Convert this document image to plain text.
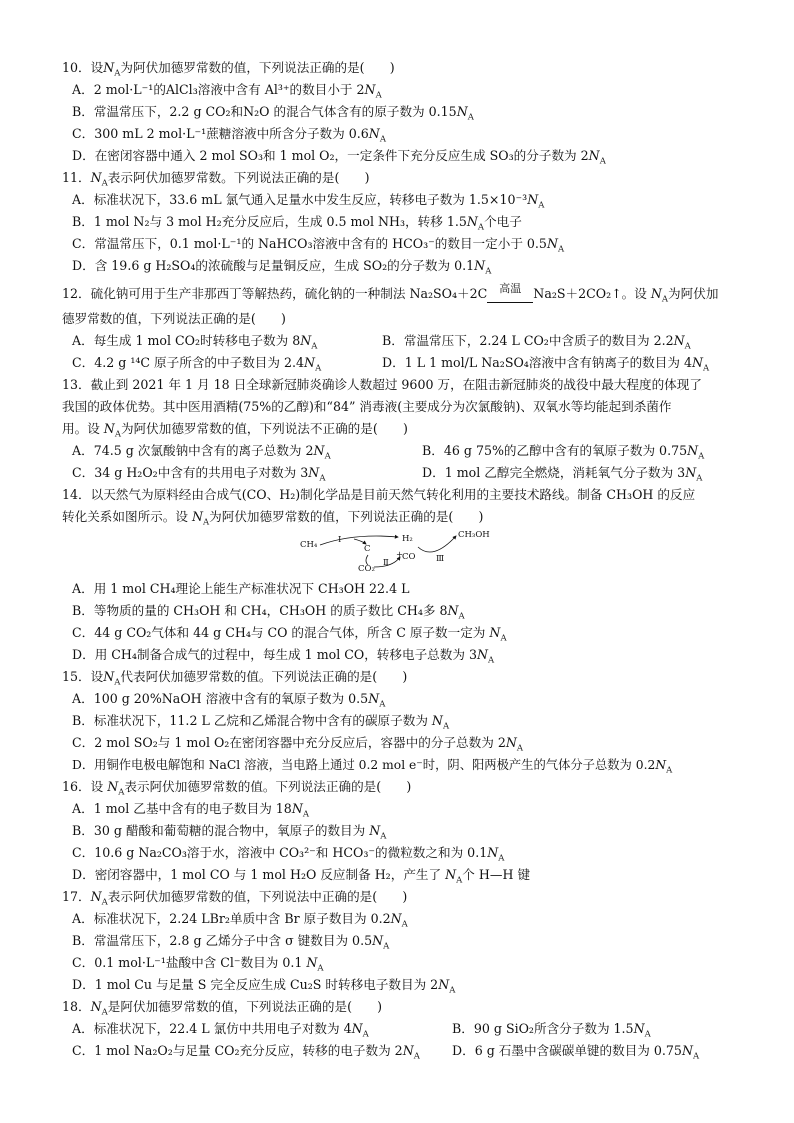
10．设$N_A$为阿伏加德罗常数的值，下列说法正确的是(　　)
A．2 mol·L⁻¹的AlCl₃溶液中含有 Al³⁺的数目小于 $2N_A$
B．常温常压下，2.2 g CO₂和N₂O 的混合气体含有的原子数为 $0.15N_A$
C．300 mL 2 mol·L⁻¹蔗糖溶液中所含分子数为 $0.6N_A$
D．在密闭容器中通入 2 mol SO₃和 1 mol O₂，一定条件下充分反应生成 SO₃的分子数为 $2N_A$
11．$N_A$表示阿伏加德罗常数。下列说法正确的是(　　)
A．标准状况下，33.6 mL 氯气通入足量水中发生反应，转移电子数为 $1.5\times 10^{-3}N_A$
B．1 mol N₂与 3 mol H₂充分反应后，生成 0.5 mol NH₃，转移 $1.5N_A$个电子
C．常温常压下，0.1 mol·L⁻¹的 NaHCO₃溶液中含有的 HCO₃⁻的数目一定小于 $0.5N_A$
D．含 19.6 g H₂SO₄的浓硫酸与足量铜反应，生成 SO₂的分子数为 $0.1N_A$
12．硫化钠可用于生产非那西丁等解热药，硫化钠的一种制法 Na₂SO₄＋2C	高温 Na₂S＋2CO₂↑。设 $N_A$为阿伏加
德罗常数的值，下列说法正确的是(　　)
A．每生成 1 mol CO₂时转移电子数为 $8N_A$	B．常温常压下，2.24 L CO₂中含质子的数目为 $2.2N_A$
C．4.2 g ¹⁴C 原子所含的中子数目为 $2.4N_A$	D．1 L 1 mol/L Na₂SO₄溶液中含有钠离子的数目为 $4N_A$
13．截止到 2021 年 1 月 18 日全球新冠肺炎确诊人数超过 9600 万，在阻击新冠肺炎的战役中最大程度的体现了
我国的政体优势。其中医用酒精(75%的乙醇)和“84” 消毒液(主要成分为次氯酸钠)、双氧水等均能起到杀菌作
用。设 $N_A$为阿伏加德罗常数的值，下列说法不正确的是(　　)
A．74.5 g 次氯酸钠中含有的离子总数为 $2N_A$	B．46 g 75%的乙醇中含有的氧原子数为 $0.75N_A$
C．34 g H₂O₂中含有的共用电子对数为 $3N_A$	D．1 mol 乙醇完全燃烧，消耗氧气分子数为 $3N_A$
14．以天然气为原料经由合成气(CO、H₂)制化学品是目前天然气转化利用的主要技术路线。制备 CH₃OH 的反应
转化关系如图所示。设 $N_A$为阿伏加德罗常数的值，下列说法正确的是(　　)
CH₄ Ⅰ
C
CO₂
Ⅱ
H₂
+
CO Ⅲ
CH₃OH
A．用 1 mol CH₄理论上能生产标准状况下 CH₃OH 22.4 L
B．等物质的量的 CH₃OH 和 CH₄，CH₃OH 的质子数比 CH₄多 $8N_A$
C．44 g CO₂气体和 44 g CH₄与 CO 的混合气体，所含 C 原子数一定为 $N_A$
D．用 CH₄制备合成气的过程中，每生成 1 mol CO，转移电子总数为 $3N_A$
15．设$N_A$代表阿伏加德罗常数的值。下列说法正确的是(　　)
A．100 g 20%NaOH 溶液中含有的氧原子数为 $0.5N_A$
B．标准状况下，11.2 L 乙烷和乙烯混合物中含有的碳原子数为 $N_A$
C．2 mol SO₂与 1 mol O₂在密闭容器中充分反应后，容器中的分子总数为 $2N_A$
D．用铜作电极电解饱和 NaCl 溶液，当电路上通过 0.2 mol e⁻时，阴、阳两极产生的气体分子总数为 $0.2N_A$
16．设 $N_A$表示阿伏加德罗常数的值。下列说法正确的是(　　)
A．1 mol 乙基中含有的电子数目为 $18N_A$
B．30 g 醋酸和葡萄糖的混合物中，氧原子的数目为 $N_A$
C．10.6 g Na₂CO₃溶于水，溶液中 CO₃²⁻和 HCO₃⁻的微粒数之和为 $0.1N_A$
D．密闭容器中，1 mol CO 与 1 mol H₂O 反应制备 H₂，产生了 $N_A$个 H—H 键
17．$N_A$表示阿伏加德罗常数的值，下列说法中正确的是(　　)
A．标准状况下，2.24 LBr₂单质中含 Br 原子数目为 $0.2N_A$
B．常温常压下，2.8 g 乙烯分子中含 σ 键数目为 $0.5N_A$
C．0.1 mol·L⁻¹盐酸中含 Cl⁻数目为 0.1 $N_A$
D．1 mol Cu 与足量 S 完全反应生成 Cu₂S 时转移电子数目为 $2N_A$
18．$N_A$是阿伏加德罗常数的值，下列说法正确的是(　　)
A．标准状况下，22.4 L 氯仿中共用电子对数为 $4N_A$	B．90 g SiO₂所含分子数为 $1.5N_A$
C．1 mol Na₂O₂与足量 CO₂充分反应，转移的电子数为 $2N_A$	D．6 g 石墨中含碳碳单键的数目为 $0.75N_A$
